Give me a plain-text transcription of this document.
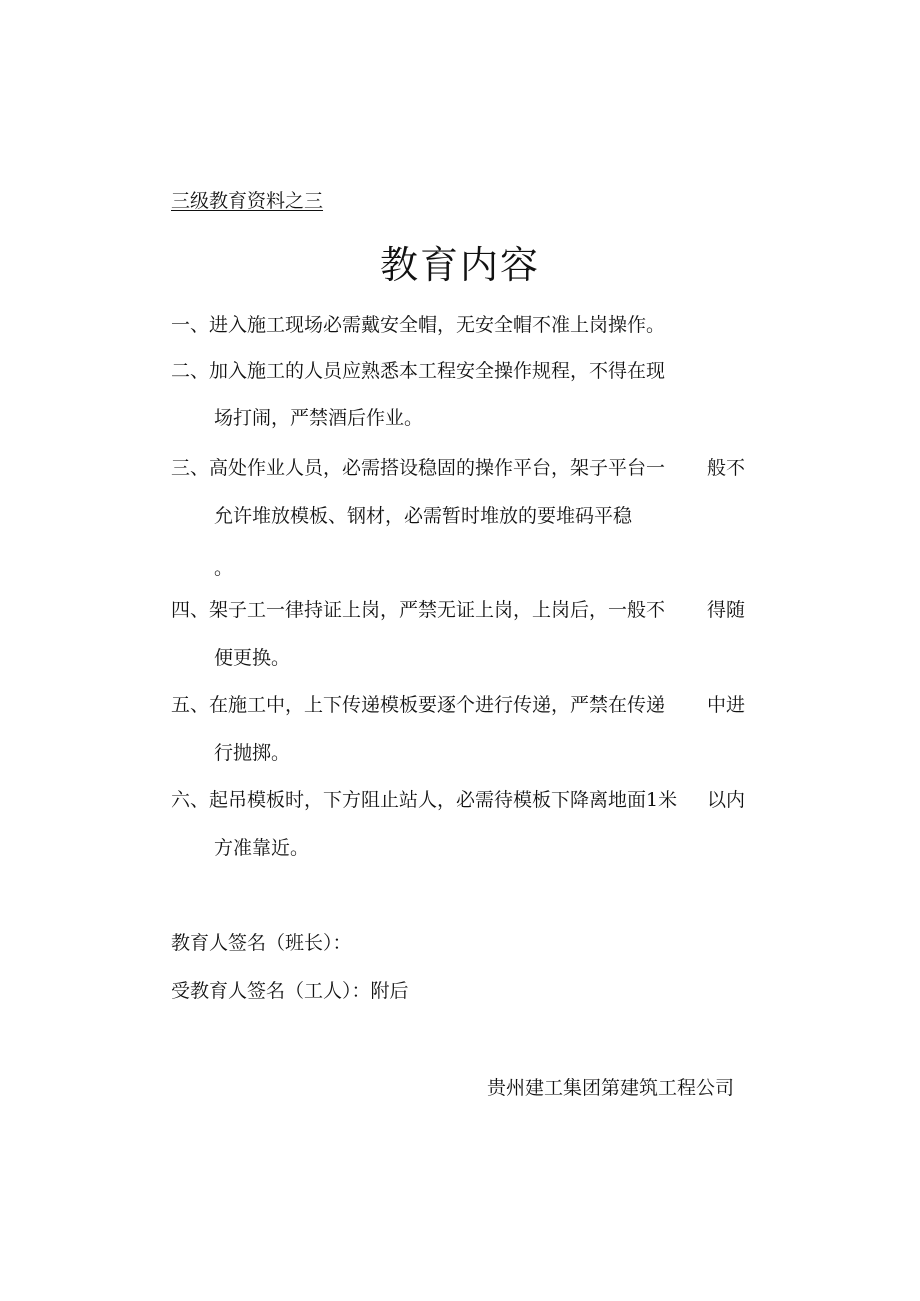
三级教育资料之三
教育内容
一、进入施工现场必需戴安全帽，无安全帽不准上岗操作。
二、加入施工的人员应熟悉本工程安全操作规程，不得在现
场打闹，严禁酒后作业。
三、高处作业人员，必需搭设稳固的操作平台，架子平台一 般不
允许堆放模板、钢材，必需暂时堆放的要堆码平稳
。
四、架子工一律持证上岗，严禁无证上岗，上岗后，一般不 得随
便更换。
五、在施工中，上下传递模板要逐个进行传递，严禁在传递 中进
行抛掷。
六、起吊模板时，下方阻止站人，必需待模板下降离地面1米 以内
方准靠近。
教育人签名（班长）：
受教育人签名（工人）：附后
贵州建工集团第建筑工程公司
